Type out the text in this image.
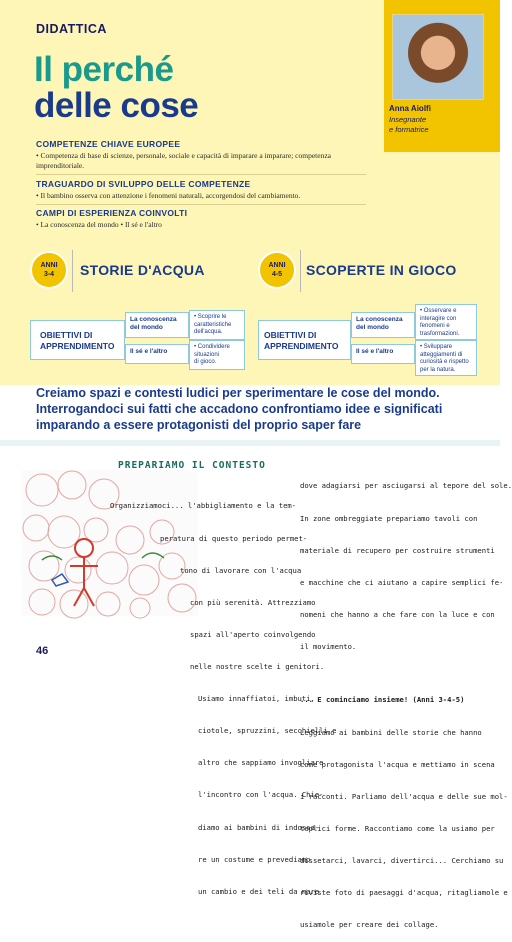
DIDATTICA
Il perché
delle cose	Anna Aiolfi
Insegnante
e formatrice
COMPETENZE CHIAVE EUROPEE
• Competenza di base di scienze, personale, sociale e capacità di imparare a imparare; competenza imprenditoriale.
TRAGUARDO DI SVILUPPO DELLE COMPETENZE
• Il bambino osserva con attenzione i fenomeni naturali, accorgendosi del cambiamento.
CAMPI DI ESPERIENZA COINVOLTI
• La conoscenza del mondo • Il sé e l'altro
ANNI
3-4	STORIE D'ACQUA
OBIETTIVI DI
APPRENDIMENTO
La conoscenza
del mondo
• Scoprire le
caratteristiche
dell'acqua.
Il sé e l'altro
• Condividere
situazioni
di gioco.
ANNI
4-5	SCOPERTE IN GIOCO
OBIETTIVI DI
APPRENDIMENTO
La conoscenza
del mondo
• Osservare e
interagire con
fenomeni e
trasformazioni.
Il sé e l'altro
• Sviluppare
atteggiamenti di
curiosità e rispetto
per la natura.
Creiamo spazi e contesti ludici per sperimentare le cose del mondo. Interrogandoci sui fatti che accadono confrontiamo idee e significati imparando a essere protagonisti del proprio saper fare
PREPARIAMO IL CONTESTO

Organizziamoci... l'abbigliamento e la tem-

peratura di questo periodo permet-

tono di lavorare con l'acqua

con più serenità. Attrezziamo

spazi all'aperto coinvolgendo

nelle nostre scelte i genitori.

Usiamo innaffiatoi, imbuti,

ciotole, spruzzini, secchielli e

altro che sappiamo invogliare

l'incontro con l'acqua. Chie-

diamo ai bambini di indossa-

re un costume e prevediamo

un cambio e dei teli da mare

dove adagiarsi per asciugarsi al tepore del sole.

In zone ombreggiate prepariamo tavoli con

materiale di recupero per costruire strumenti

e macchine che ci aiutano a capire semplici fe-

nomeni che hanno a che fare con la luce e con

il movimento.

... E cominciamo insieme! (Anni 3-4-5)

Leggiamo ai bambini delle storie che hanno

come protagonista l'acqua e mettiamo in scena

i racconti. Parliamo dell'acqua e delle sue mol-

teplici forme. Raccontiamo come la usiamo per

dissetarci, lavarci, divertirci... Cerchiamo su

riviste foto di paesaggi d'acqua, ritagliamole e

usiamole per creare dei collage.

46
